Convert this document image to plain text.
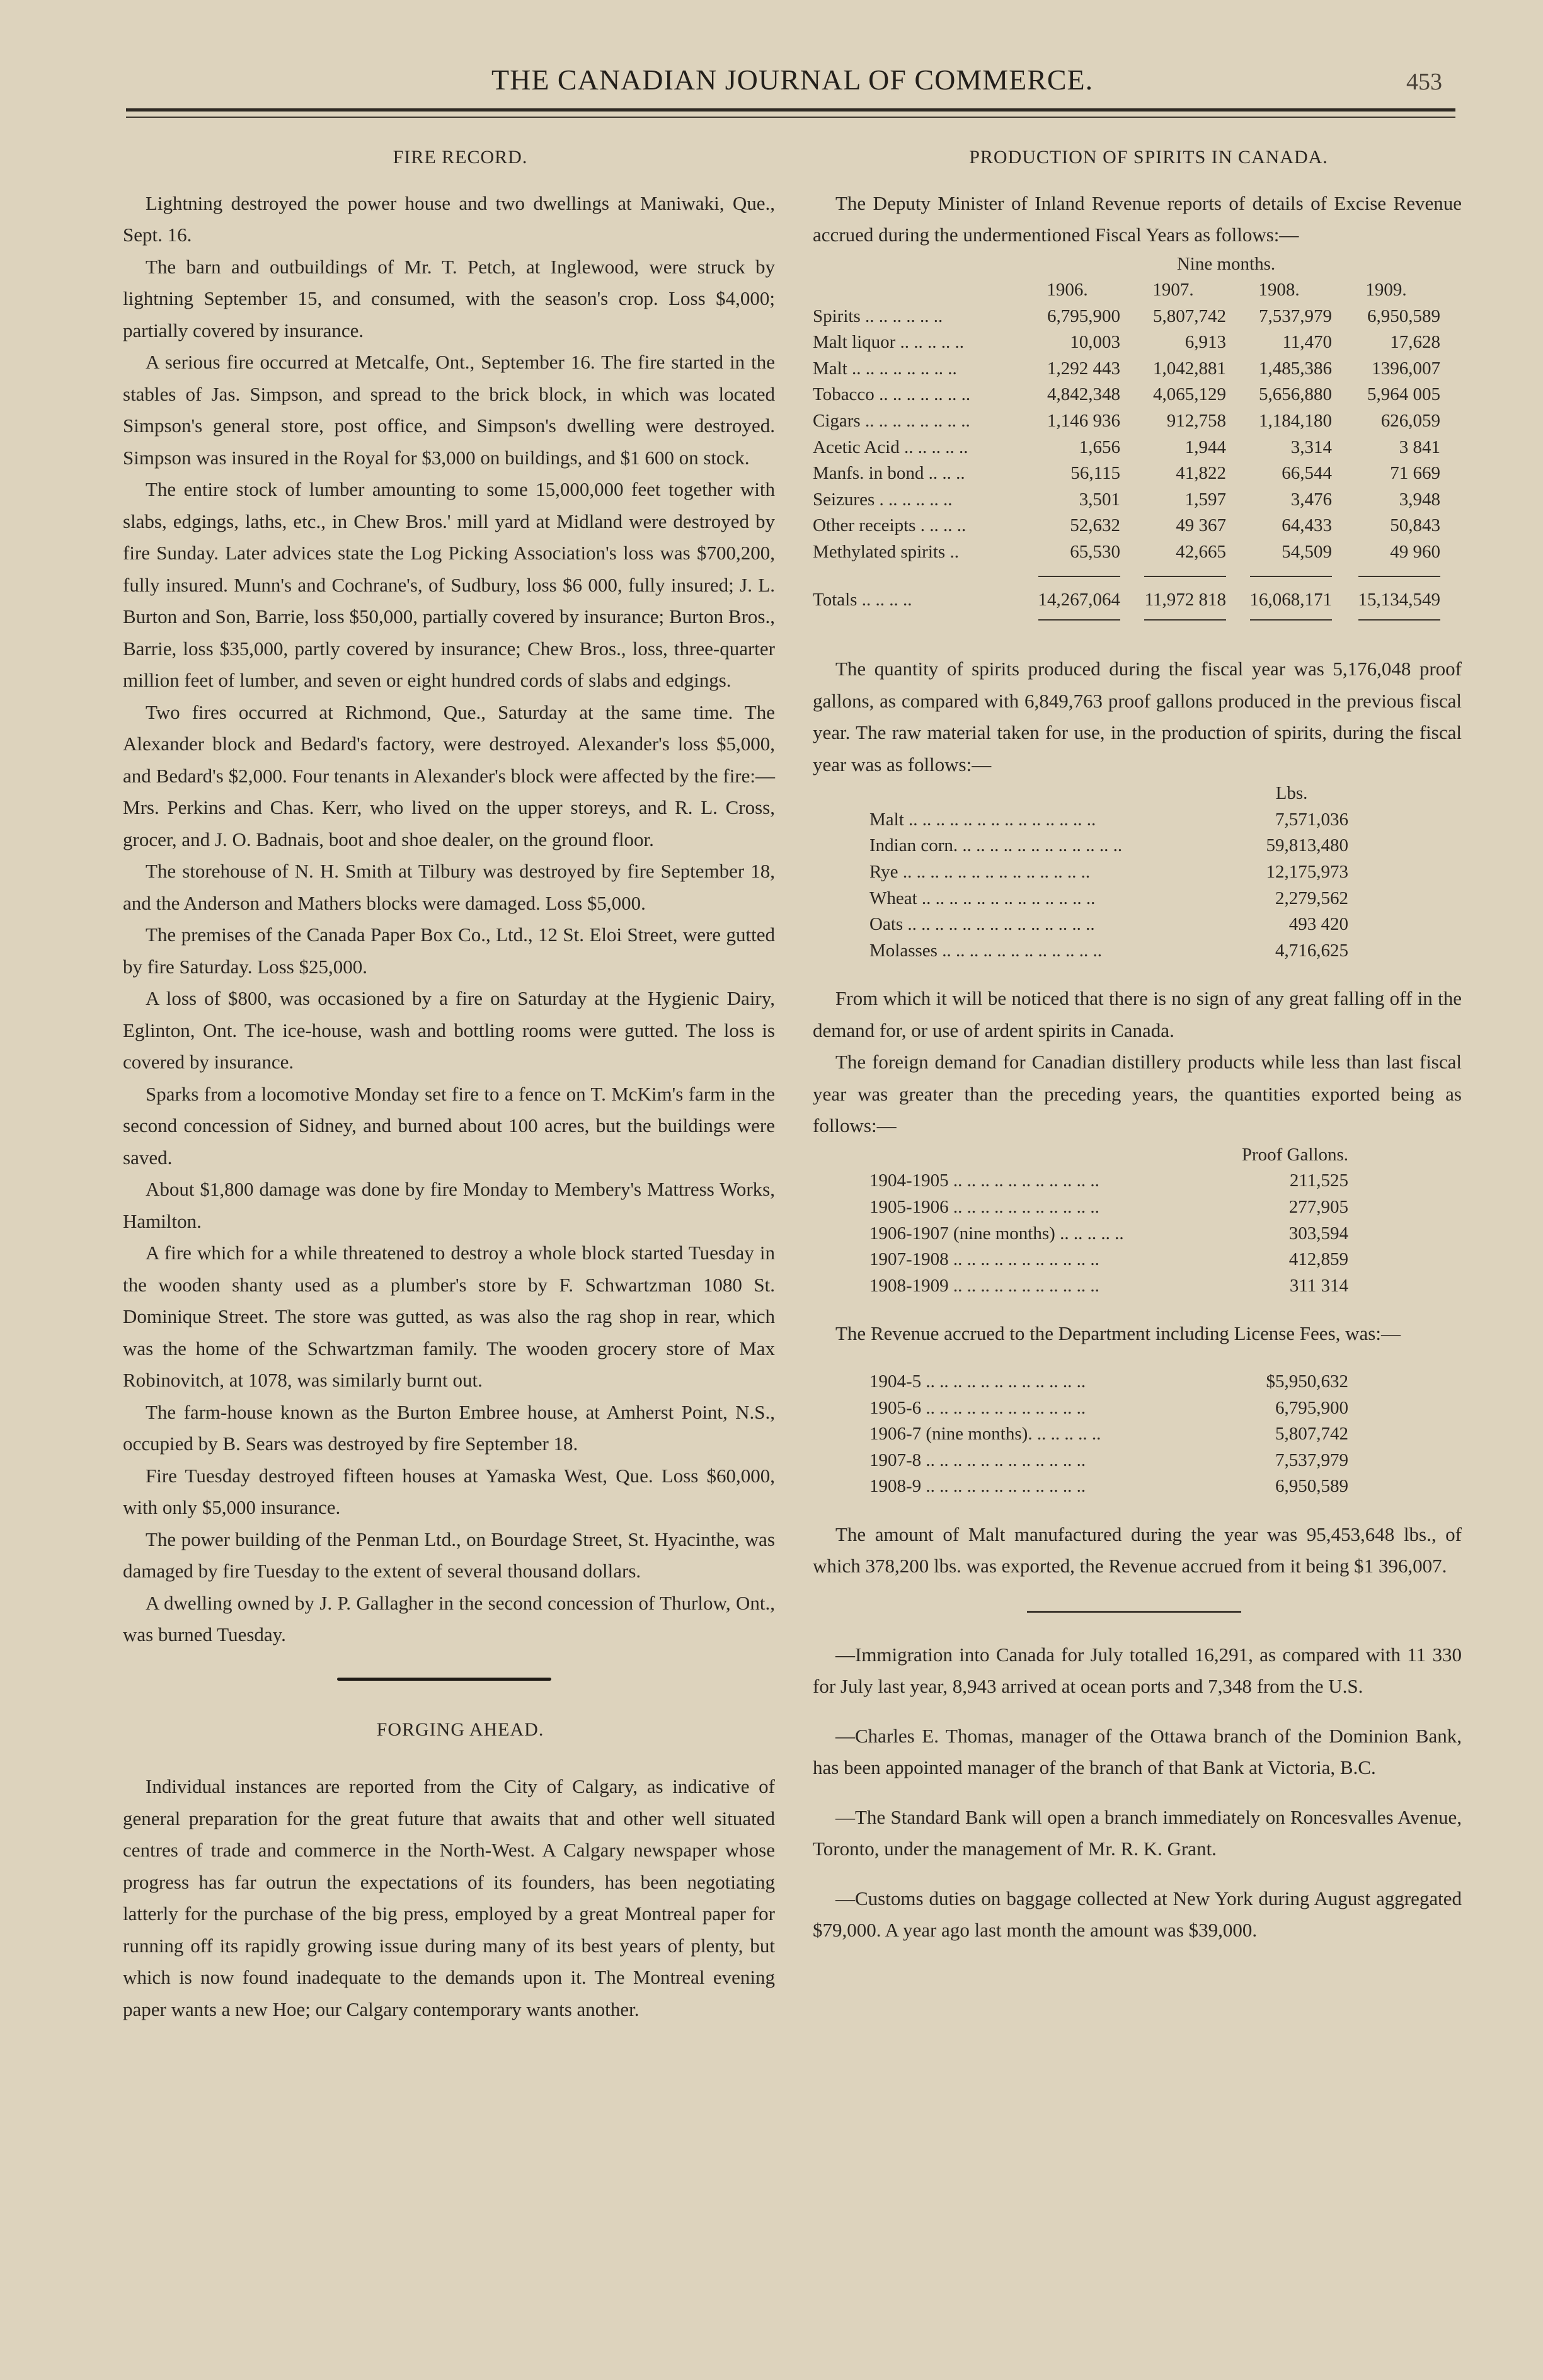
THE CANADIAN JOURNAL OF COMMERCE.	453

FIRE RECORD.

Lightning destroyed the power house and two dwellings at Maniwaki, Que., Sept. 16.

The barn and outbuildings of Mr. T. Petch, at Inglewood, were struck by lightning September 15, and consumed, with the season's crop. Loss $4,000; partially covered by insurance.

A serious fire occurred at Metcalfe, Ont., September 16. The fire started in the stables of Jas. Simpson, and spread to the brick block, in which was located Simpson's general store, post office, and Simpson's dwelling were destroyed. Simpson was insured in the Royal for $3,000 on buildings, and $1 600 on stock.

The entire stock of lumber amounting to some 15,000,000 feet together with slabs, edgings, laths, etc., in Chew Bros.' mill yard at Midland were destroyed by fire Sunday. Later advices state the Log Picking Association's loss was $700,200, fully insured. Munn's and Cochrane's, of Sudbury, loss $6 000, fully insured; J. L. Burton and Son, Barrie, loss $50,000, partially covered by insurance; Burton Bros., Barrie, loss $35,000, partly covered by insurance; Chew Bros., loss, three-quarter million feet of lumber, and seven or eight hundred cords of slabs and edgings.

Two fires occurred at Richmond, Que., Saturday at the same time. The Alexander block and Bedard's factory, were destroyed. Alexander's loss $5,000, and Bedard's $2,000. Four tenants in Alexander's block were affected by the fire:—Mrs. Perkins and Chas. Kerr, who lived on the upper storeys, and R. L. Cross, grocer, and J. O. Badnais, boot and shoe dealer, on the ground floor.

The storehouse of N. H. Smith at Tilbury was destroyed by fire September 18, and the Anderson and Mathers blocks were damaged. Loss $5,000.

The premises of the Canada Paper Box Co., Ltd., 12 St. Eloi Street, were gutted by fire Saturday. Loss $25,000.

A loss of $800, was occasioned by a fire on Saturday at the Hygienic Dairy, Eglinton, Ont. The ice-house, wash and bottling rooms were gutted. The loss is covered by insurance.

Sparks from a locomotive Monday set fire to a fence on T. McKim's farm in the second concession of Sidney, and burned about 100 acres, but the buildings were saved.

About $1,800 damage was done by fire Monday to Membery's Mattress Works, Hamilton.

A fire which for a while threatened to destroy a whole block started Tuesday in the wooden shanty used as a plumber's store by F. Schwartzman 1080 St. Dominique Street. The store was gutted, as was also the rag shop in rear, which was the home of the Schwartzman family. The wooden grocery store of Max Robinovitch, at 1078, was similarly burnt out.

The farm-house known as the Burton Embree house, at Amherst Point, N.S., occupied by B. Sears was destroyed by fire September 18.

Fire Tuesday destroyed fifteen houses at Yamaska West, Que. Loss $60,000, with only $5,000 insurance.

The power building of the Penman Ltd., on Bourdage Street, St. Hyacinthe, was damaged by fire Tuesday to the extent of several thousand dollars.

A dwelling owned by J. P. Gallagher in the second concession of Thurlow, Ont., was burned Tuesday.

FORGING AHEAD.

Individual instances are reported from the City of Calgary, as indicative of general preparation for the great future that awaits that and other well situated centres of trade and commerce in the North-West. A Calgary newspaper whose progress has far outrun the expectations of its founders, has been negotiating latterly for the purchase of the big press, employed by a great Montreal paper for running off its rapidly growing issue during many of its best years of plenty, but which is now found inadequate to the demands upon it. The Montreal evening paper wants a new Hoe; our Calgary contemporary wants another.

PRODUCTION OF SPIRITS IN CANADA.

The Deputy Minister of Inland Revenue reports of details of Excise Revenue accrued during the undermentioned Fiscal Years as follows:—

Nine months.
1906.	1907.	1908.	1909.
Spirits .. .. .. .. .. ..	6,795,900	5,807,742	7,537,979	6,950,589
Malt liquor .. .. .. .. ..	10,003	6,913	11,470	17,628
Malt .. .. .. .. .. .. .. ..	1,292 443	1,042,881	1,485,386	1396,007
Tobacco .. .. .. .. .. .. ..	4,842,348	4,065,129	5,656,880	5,964 005
Cigars .. .. .. .. .. .. .. ..	1,146 936	912,758	1,184,180	626,059
Acetic Acid .. .. .. .. ..	1,656	1,944	3,314	3 841
Manfs. in bond .. .. ..	56,115	41,822	66,544	71 669
Seizures . .. .. .. .. ..	3,501	1,597	3,476	3,948
Other receipts . .. .. ..	52,632	49 367	64,433	50,843
Methylated spirits ..	65,530	42,665	54,509	49 960
Totals .. .. .. ..	14,267,064	11,972 818	16,068,171	15,134,549

The quantity of spirits produced during the fiscal year was 5,176,048 proof gallons, as compared with 6,849,763 proof gallons produced in the previous fiscal year. The raw material taken for use, in the production of spirits, during the fiscal year was as follows:—

Lbs.
Malt .. .. .. .. .. .. .. .. .. .. .. .. .. ..	7,571,036
Indian corn. .. .. .. .. .. .. .. .. .. .. .. ..	59,813,480
Rye .. .. .. .. .. .. .. .. .. .. .. .. .. ..	12,175,973
Wheat .. .. .. .. .. .. .. .. .. .. .. .. ..	2,279,562
Oats .. .. .. .. .. .. .. .. .. .. .. .. .. ..	493 420
Molasses .. .. .. .. .. .. .. .. .. .. .. ..	4,716,625

From which it will be noticed that there is no sign of any great falling off in the demand for, or use of ardent spirits in Canada.

The foreign demand for Canadian distillery products while less than last fiscal year was greater than the preceding years, the quantities exported being as follows:—

Proof Gallons.
1904-1905 .. .. .. .. .. .. .. .. .. .. ..	211,525
1905-1906 .. .. .. .. .. .. .. .. .. .. ..	277,905
1906-1907 (nine months) .. .. .. .. ..	303,594
1907-1908 .. .. .. .. .. .. .. .. .. .. ..	412,859
1908-1909 .. .. .. .. .. .. .. .. .. .. ..	311 314

The Revenue accrued to the Department including License Fees, was:—

1904-5 .. .. .. .. .. .. .. .. .. .. .. ..	$5,950,632
1905-6 .. .. .. .. .. .. .. .. .. .. .. ..	6,795,900
1906-7 (nine months). .. .. .. .. ..	5,807,742
1907-8 .. .. .. .. .. .. .. .. .. .. .. ..	7,537,979
1908-9 .. .. .. .. .. .. .. .. .. .. .. ..	6,950,589

The amount of Malt manufactured during the year was 95,453,648 lbs., of which 378,200 lbs. was exported, the Revenue accrued from it being $1 396,007.

—Immigration into Canada for July totalled 16,291, as compared with 11 330 for July last year, 8,943 arrived at ocean ports and 7,348 from the U.S.

—Charles E. Thomas, manager of the Ottawa branch of the Dominion Bank, has been appointed manager of the branch of that Bank at Victoria, B.C.

—The Standard Bank will open a branch immediately on Roncesvalles Avenue, Toronto, under the management of Mr. R. K. Grant.

—Customs duties on baggage collected at New York during August aggregated $79,000. A year ago last month the amount was $39,000.
